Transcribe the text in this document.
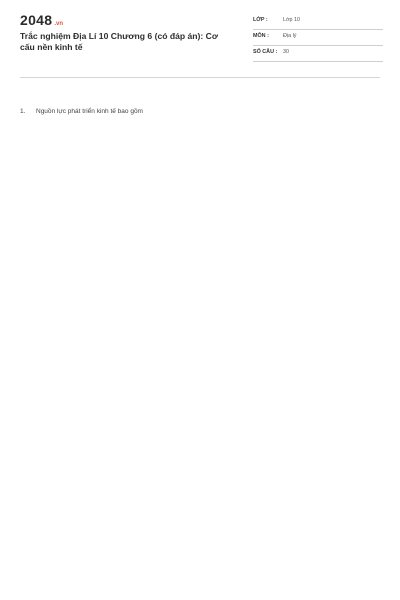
2048 .vn
Trắc nghiệm Địa Lí 10 Chương 6 (có đáp án): Cơ cấu nền kinh tế
LỚP :	Lớp 10
MÔN :	Địa lý
SỐ CÂU : 30
1. Nguồn lực phát triển kinh tế bao gồm
